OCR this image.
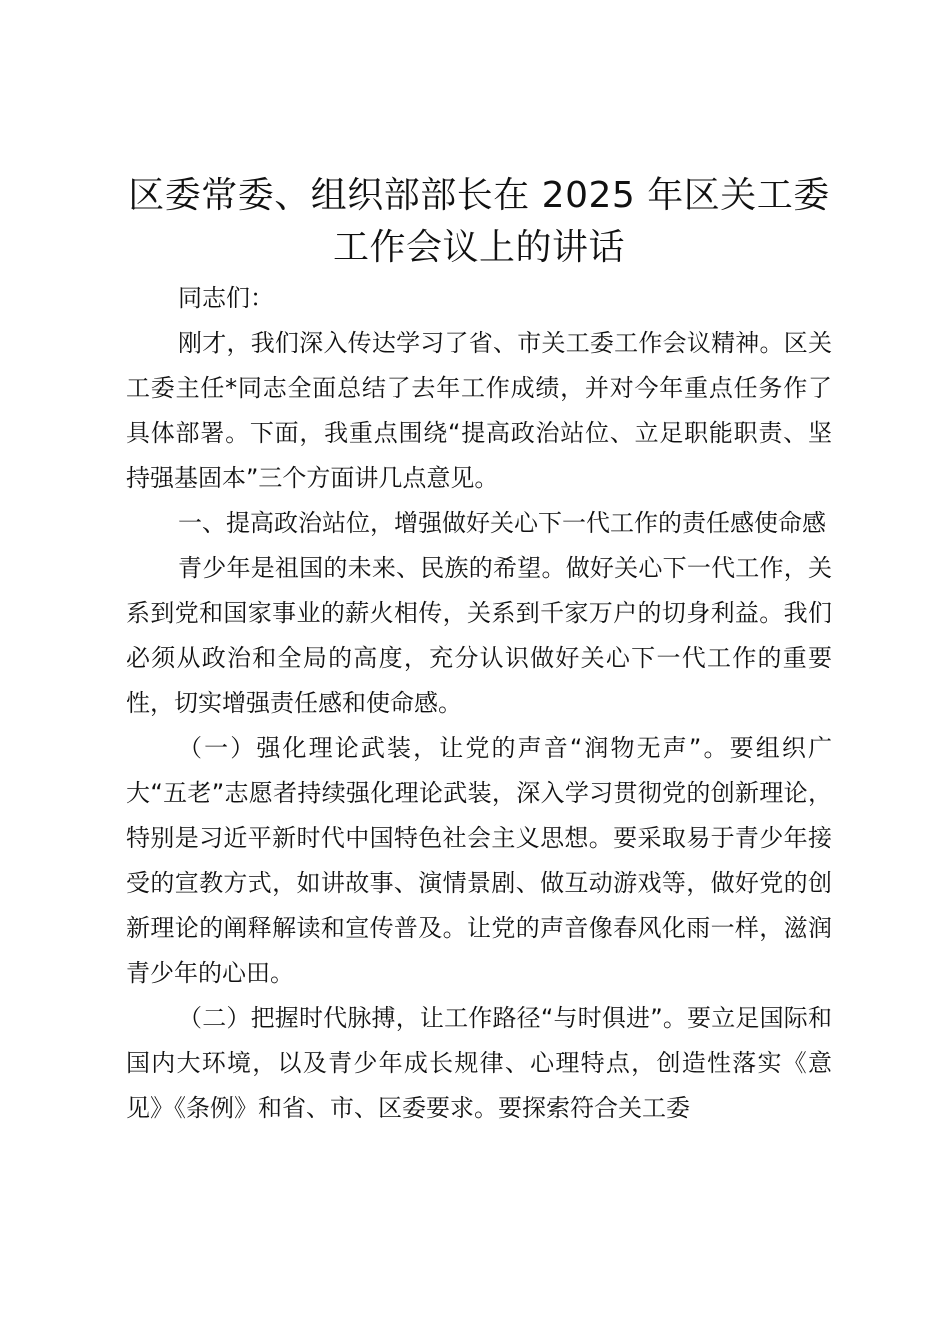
区委常委、组织部部长在 2025 年区关工委工作会议上的讲话

同志们：

刚才，我们深入传达学习了省、市关工委工作会议精神。区关工委主任*同志全面总结了去年工作成绩，并对今年重点任务作了具体部署。下面，我重点围绕“提高政治站位、立足职能职责、坚持强基固本”三个方面讲几点意见。

一、提高政治站位，增强做好关心下一代工作的责任感使命感

青少年是祖国的未来、民族的希望。做好关心下一代工作，关系到党和国家事业的薪火相传，关系到千家万户的切身利益。我们必须从政治和全局的高度，充分认识做好关心下一代工作的重要性，切实增强责任感和使命感。

（一）强化理论武装，让党的声音“润物无声”。要组织广大“五老”志愿者持续强化理论武装，深入学习贯彻党的创新理论，特别是习近平新时代中国特色社会主义思想。要采取易于青少年接受的宣教方式，如讲故事、演情景剧、做互动游戏等，做好党的创新理论的阐释解读和宣传普及。让党的声音像春风化雨一样，滋润青少年的心田。

（二）把握时代脉搏，让工作路径“与时俱进”。要立足国际和国内大环境，以及青少年成长规律、心理特点，创造性落实《意见》《条例》和省、市、区委要求。要探索符合关工委
